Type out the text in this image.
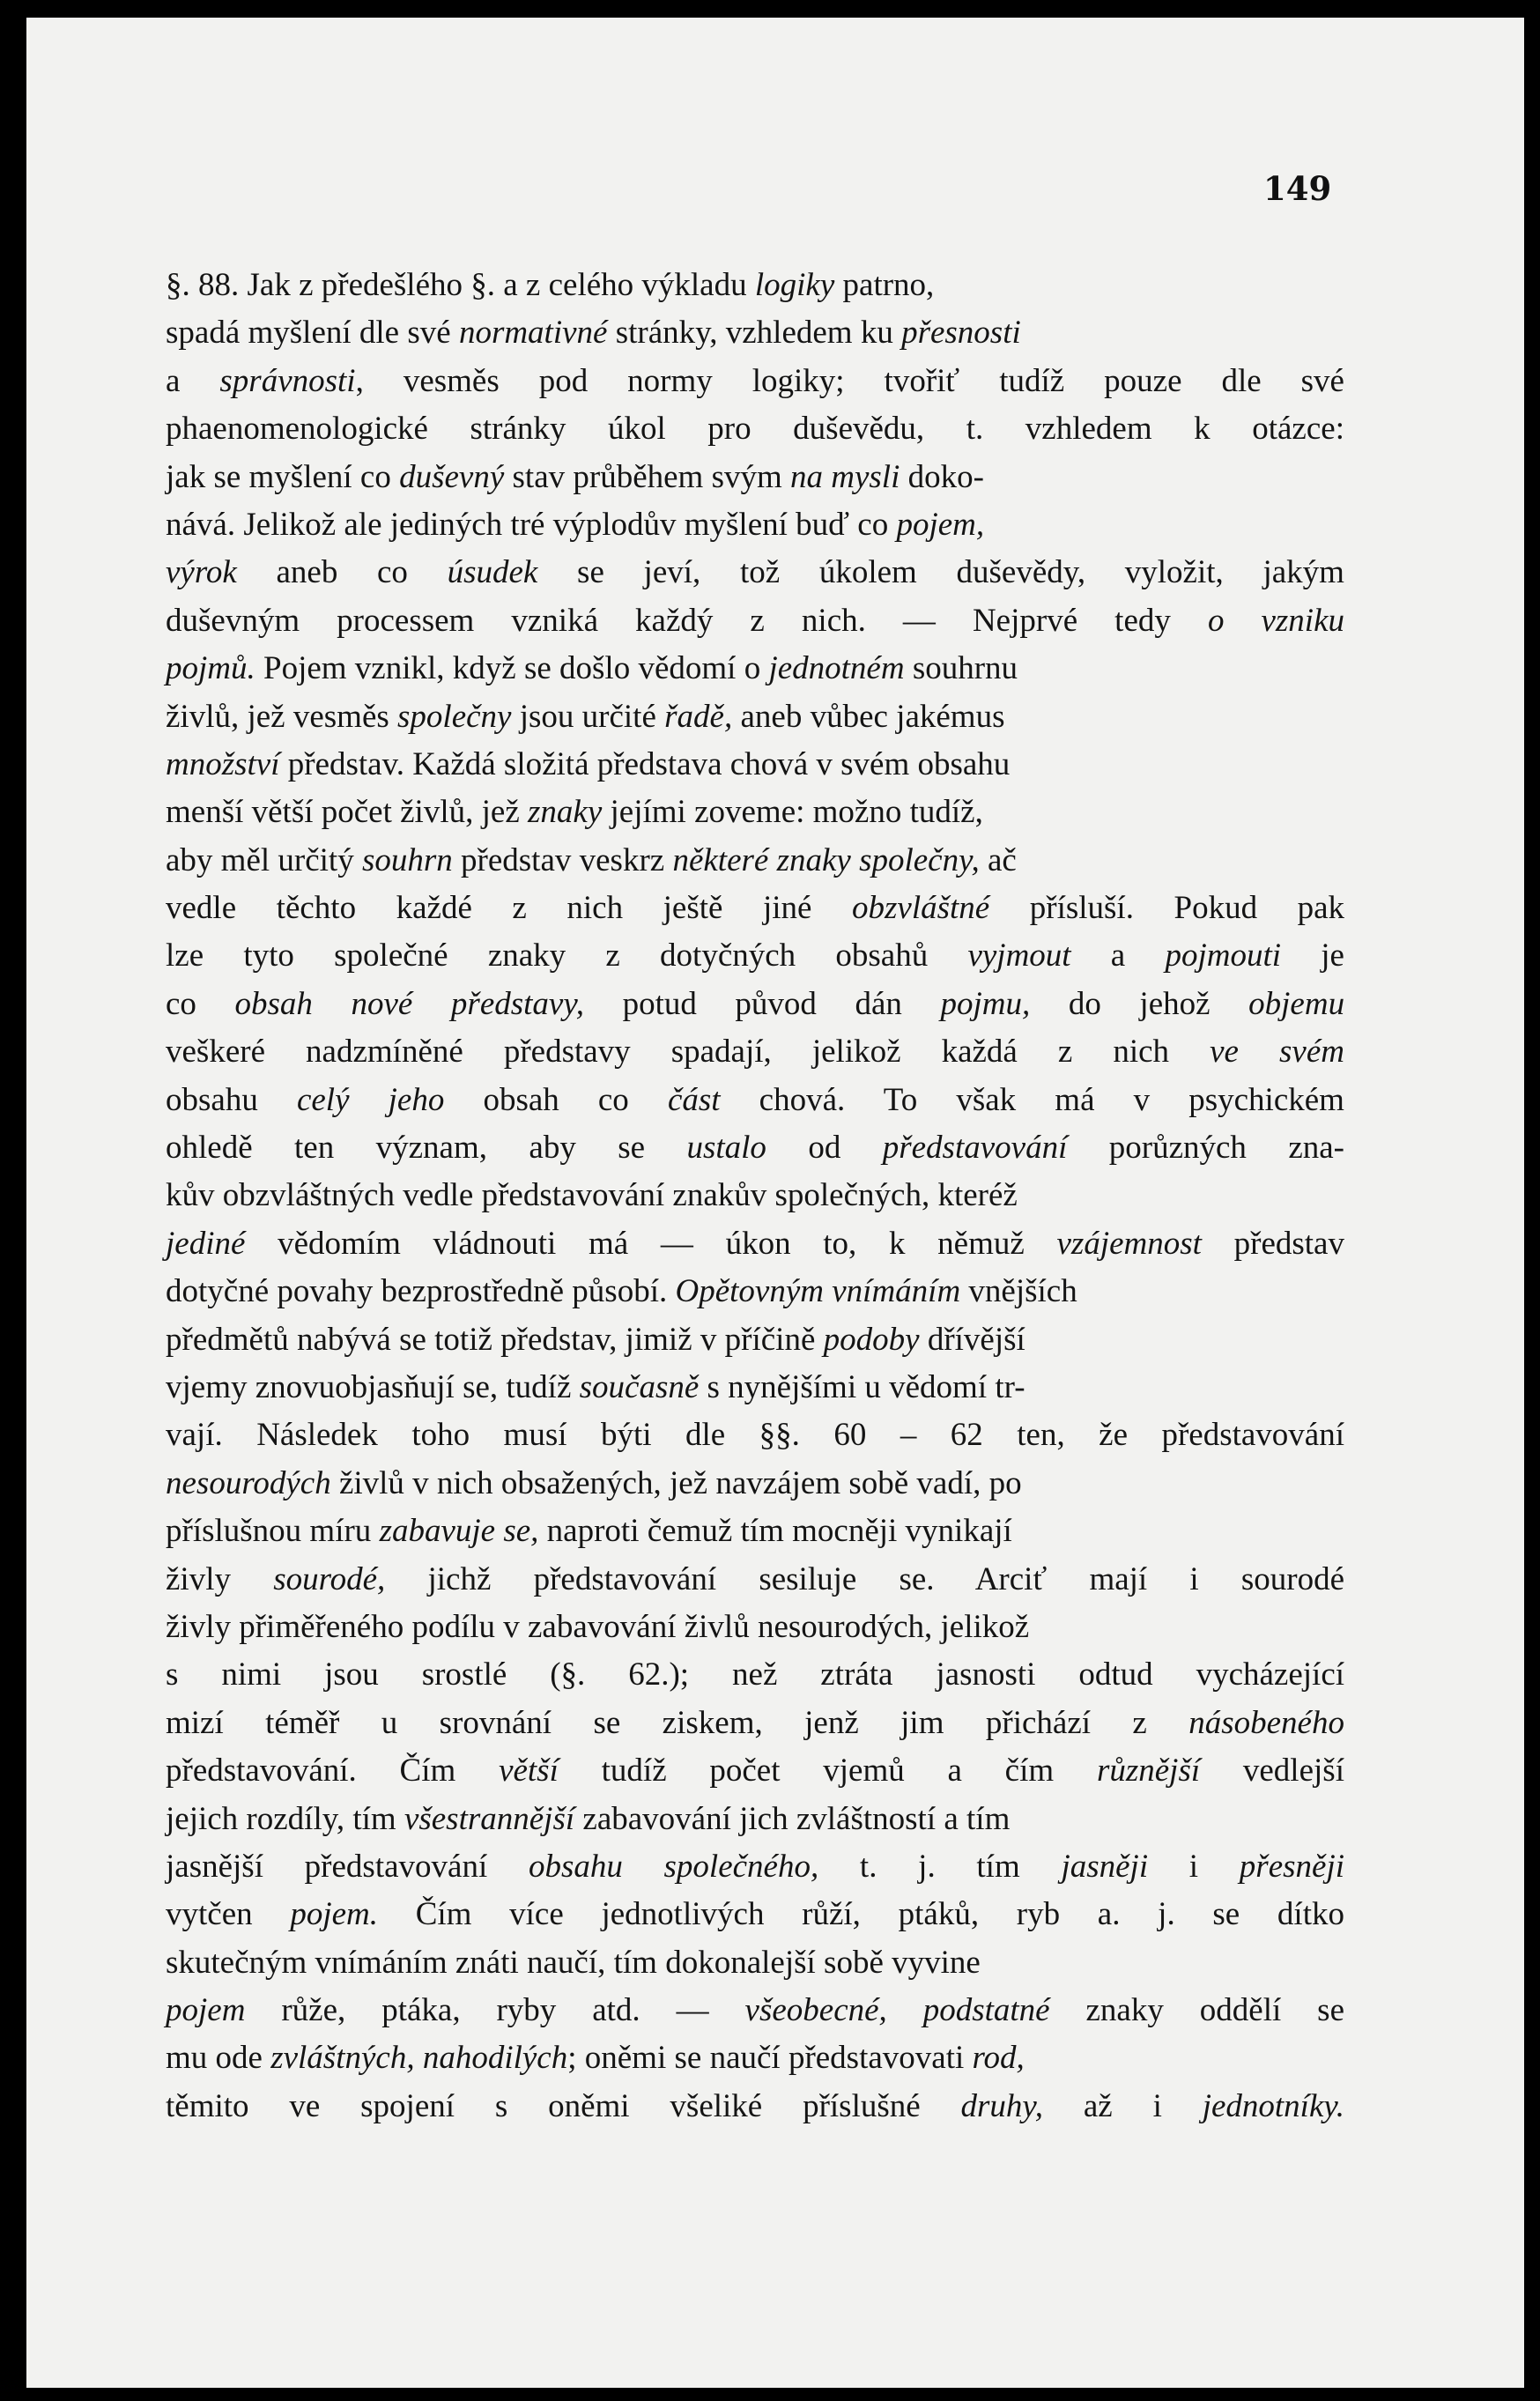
149
§. 88. Jak z předešlého §. a z celého výkladu logiky patrno,
spadá myšlení dle své normativné stránky, vzhledem ku přesnosti
a správnosti, vesměs pod normy logiky; tvořiť tudíž pouze dle své
phaenomenologické stránky úkol pro duševědu, t. vzhledem k otázce:
jak se myšlení co duševný stav průběhem svým na mysli doko-
nává. Jelikož ale jediných tré výplodův myšlení buď co pojem,
výrok aneb co úsudek se jeví, tož úkolem duševědy, vyložit, jakým
duševným processem vzniká každý z nich. — Nejprvé tedy o vzniku
pojmů. Pojem vznikl, když se došlo vědomí o jednotném souhrnu
živlů, jež vesměs společny jsou určité řadě, aneb vůbec jakémus
množství představ. Každá složitá představa chová v svém obsahu
menší větší počet živlů, jež znaky jejími zoveme: možno tudíž,
aby měl určitý souhrn představ veskrz některé znaky společny, ač
vedle těchto každé z nich ještě jiné obzvláštné přísluší. Pokud pak
lze tyto společné znaky z dotyčných obsahů vyjmout a pojmouti je
co obsah nové představy, potud původ dán pojmu, do jehož objemu
veškeré nadzmíněné představy spadají, jelikož každá z nich ve svém
obsahu celý jeho obsah co část chová. To však má v psychickém
ohledě ten význam, aby se ustalo od představování porůzných zna-
kův obzvláštných vedle představování znakův společných, kteréž
jediné vědomím vládnouti má — úkon to, k němuž vzájemnost představ
dotyčné povahy bezprostředně působí. Opětovným vnímáním vnějších
předmětů nabývá se totiž představ, jimiž v příčině podoby dřívější
vjemy znovuobjasňují se, tudíž současně s nynějšími u vědomí tr-
vají. Následek toho musí býti dle §§. 60 – 62 ten, že představování
nesourodých živlů v nich obsažených, jež navzájem sobě vadí, po
příslušnou míru zabavuje se, naproti čemuž tím mocněji vynikají
živly sourodé, jichž představování sesiluje se. Arciť mají i sourodé
živly přiměřeného podílu v zabavování živlů nesourodých, jelikož
s nimi jsou srostlé (§. 62.); než ztráta jasnosti odtud vycházející
mizí téměř u srovnání se ziskem, jenž jim přichází z násobeného
představování. Čím větší tudíž počet vjemů a čím různější vedlejší
jejich rozdíly, tím všestrannější zabavování jich zvláštností a tím
jasnější představování obsahu společného, t. j. tím jasněji i přesněji
vytčen pojem. Čím více jednotlivých růží, ptáků, ryb a. j. se dítko
skutečným vnímáním znáti naučí, tím dokonalejší sobě vyvine
pojem růže, ptáka, ryby atd. — všeobecné, podstatné znaky oddělí se
mu ode zvláštných, nahodilých; oněmi se naučí představovati rod,
těmito ve spojení s oněmi všeliké příslušné druhy, až i jednotníky.
